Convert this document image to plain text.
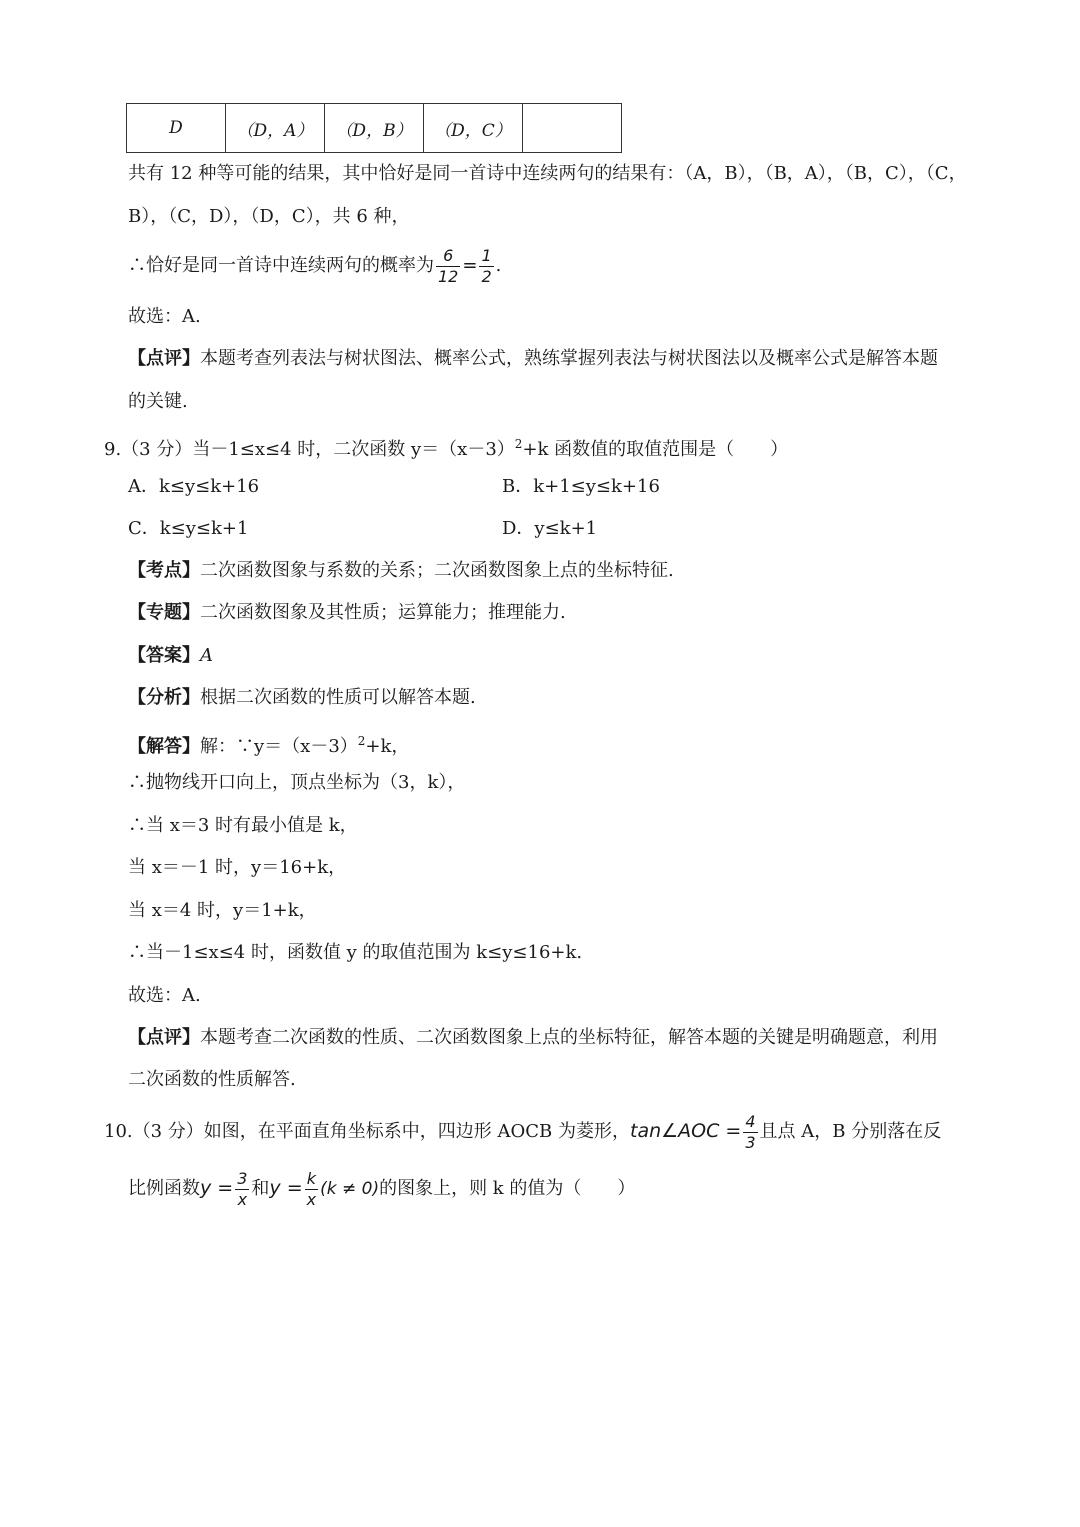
D	（D，A）	（D，B）	（D，C）	
共有 12 种等可能的结果，其中恰好是同一首诗中连续两句的结果有：（A，B），（B，A），（B，C），（C，
B），（C，D），（D，C），共 6 种，
∴恰好是同一首诗中连续两句的概率为 $\frac{6}{12} = \frac{1}{2}$ .
故选：A.
【点评】本题考查列表法与树状图法、概率公式，熟练掌握列表法与树状图法以及概率公式是解答本题
的关键.
9.（3 分）当－1≤x≤4 时，二次函数 $y=(x-3)^2+k$ 函数值的取值范围是（　　）
A．k≤y≤k+16	B．k+1≤y≤k+16
C．k≤y≤k+1	D．y≤k+1
【考点】二次函数图象与系数的关系；二次函数图象上点的坐标特征.
【专题】二次函数图象及其性质；运算能力；推理能力.
【答案】A
【分析】根据二次函数的性质可以解答本题.
【解答】解：$\because y=(x-3)^2+k$，
∴抛物线开口向上，顶点坐标为（3，k），
∴当 x＝3 时有最小值是 k，
当 x＝－1 时，y＝16+k，
当 x＝4 时，y＝1+k，
∴当－1≤x≤4 时，函数值 y 的取值范围为 k≤y≤16+k.
故选：A.
【点评】本题考查二次函数的性质、二次函数图象上点的坐标特征，解答本题的关键是明确题意，利用
二次函数的性质解答.
10.（3 分）如图，在平面直角坐标系中，四边形 AOCB 为菱形，tan∠AOC = $\frac{4}{3}$ 且点 A，B 分别落在反
比例函数$y = \frac{3}{x}$ 和$y = \frac{k}{x} (k \ne 0)$的图象上，则 k 的值为（　　）
